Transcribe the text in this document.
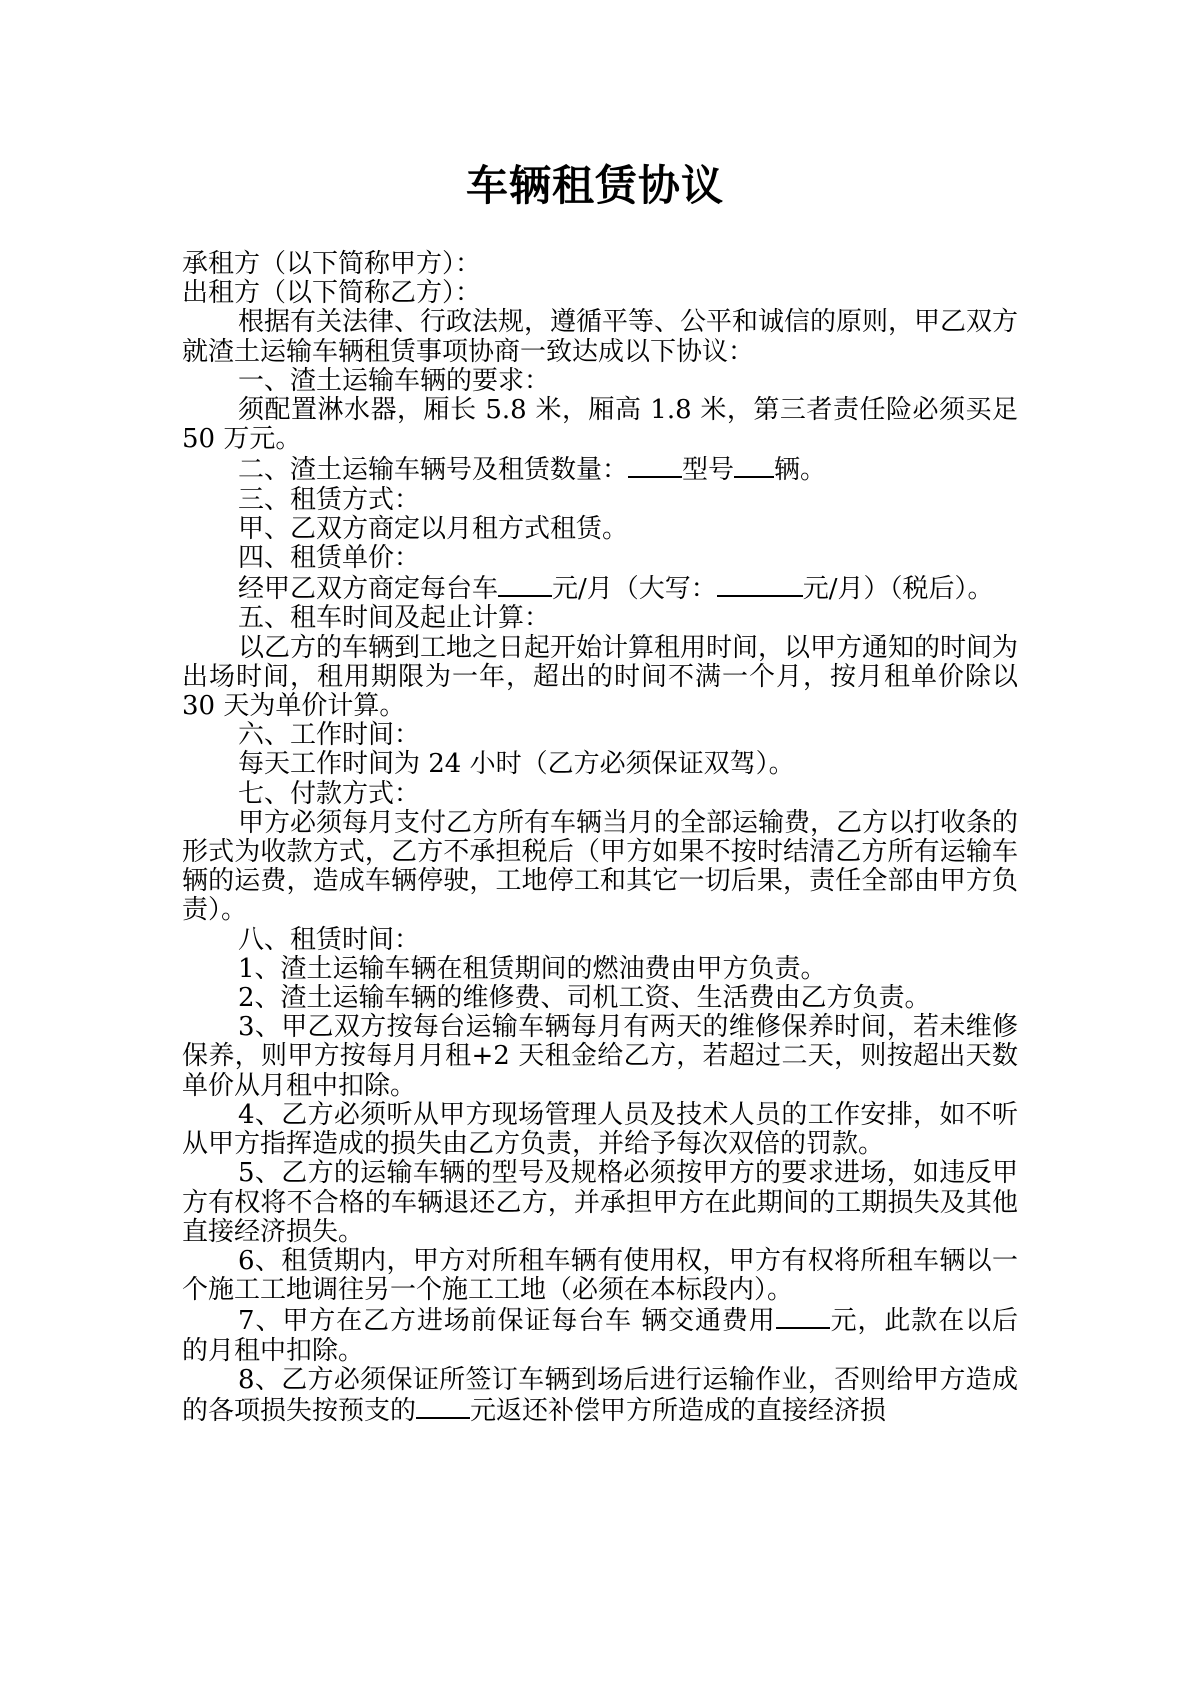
车辆租赁协议

承租方（以下简称甲方）：

出租方（以下简称乙方）：

根据有关法律、行政法规，遵循平等、公平和诚信的原则，甲乙双方就渣土运输车辆租赁事项协商一致达成以下协议：

一、渣土运输车辆的要求：

须配置淋水器，厢长 5.8 米，厢高 1.8 米，第三者责任险必须买足 50 万元。

二、渣土运输车辆号及租赁数量： 型号 辆。

三、租赁方式：

甲、乙双方商定以月租方式租赁。

四、租赁单价：

经甲乙双方商定每台车 元/月（大写：	元/月）（税后）。

五、租车时间及起止计算：

以乙方的车辆到工地之日起开始计算租用时间，以甲方通知的时间为出场时间，租用期限为一年，超出的时间不满一个月，按月租单价除以 30 天为单价计算。

六、工作时间：

每天工作时间为 24 小时（乙方必须保证双驾）。

七、付款方式：

甲方必须每月支付乙方所有车辆当月的全部运输费，乙方以打收条的形式为收款方式，乙方不承担税后（甲方如果不按时结清乙方所有运输车辆的运费，造成车辆停驶，工地停工和其它一切后果，责任全部由甲方负责）。

八、租赁时间：

1、渣土运输车辆在租赁期间的燃油费由甲方负责。

2、渣土运输车辆的维修费、司机工资、生活费由乙方负责。

3、甲乙双方按每台运输车辆每月有两天的维修保养时间，若未维修保养，则甲方按每月月租+2 天租金给乙方，若超过二天，则按超出天数单价从月租中扣除。

4、乙方必须听从甲方现场管理人员及技术人员的工作安排，如不听从甲方指挥造成的损失由乙方负责，并给予每次双倍的罚款。

5、乙方的运输车辆的型号及规格必须按甲方的要求进场，如违反甲方有权将不合格的车辆退还乙方，并承担甲方在此期间的工期损失及其他直接经济损失。

6、租赁期内，甲方对所租车辆有使用权，甲方有权将所租车辆以一个施工工地调往另一个施工工地（必须在本标段内）。

7、甲方在乙方进场前保证每台车 辆交通费用 元，此款在以后的月租中扣除。

8、乙方必须保证所签订车辆到场后进行运输作业，否则给甲方造成的各项损失按预支的 元返还补偿甲方所造成的直接经济损
